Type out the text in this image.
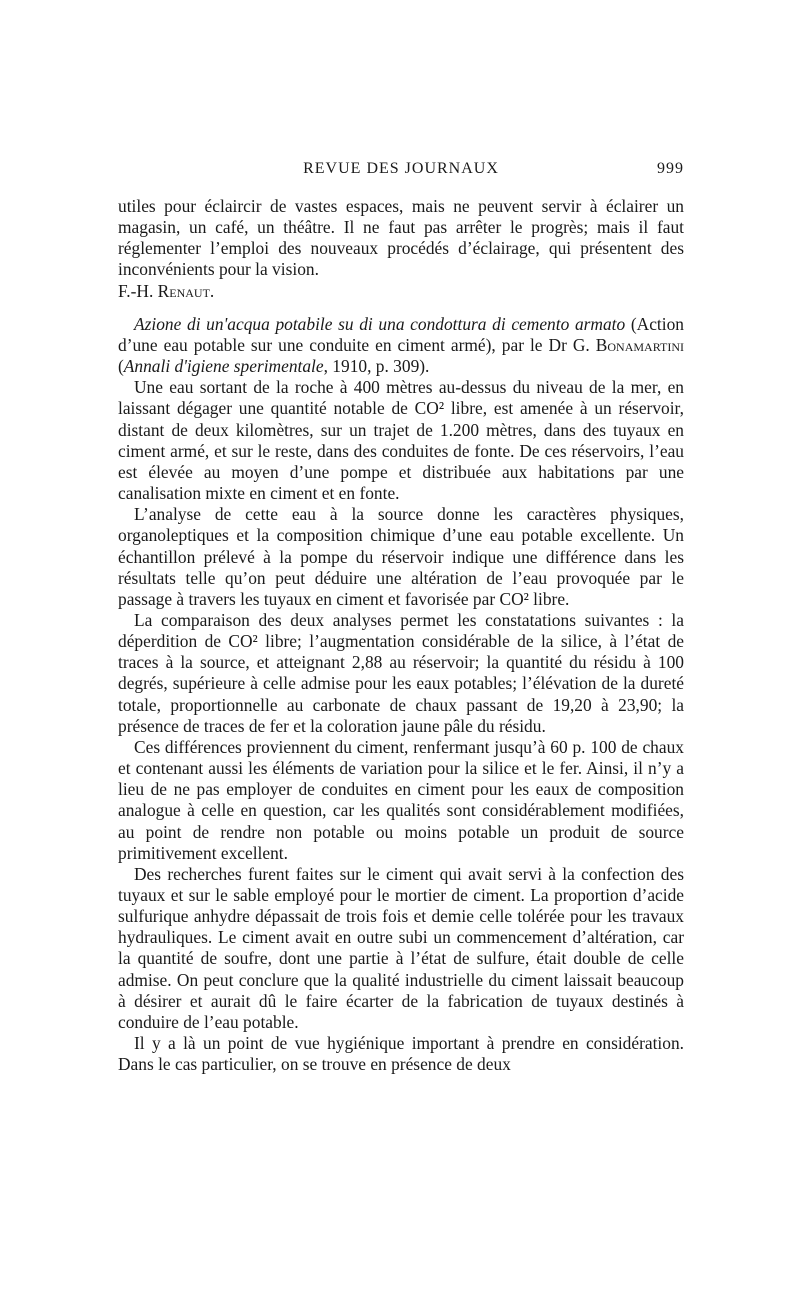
REVUE DES JOURNAUX	999

utiles pour éclaircir de vastes espaces, mais ne peuvent servir à éclairer un magasin, un café, un théâtre. Il ne faut pas arrêter le progrès; mais il faut réglementer l’emploi des nouveaux procédés d’éclairage, qui présentent des inconvénients pour la vision.

F.-H. Renaut.

Azione di un'acqua potabile su di una condottura di cemento armato (Action d’une eau potable sur une conduite en ciment armé), par le Dr G. Bonamartini (Annali d'igiene sperimentale, 1910, p. 309).

Une eau sortant de la roche à 400 mètres au-dessus du niveau de la mer, en laissant dégager une quantité notable de CO² libre, est amenée à un réservoir, distant de deux kilomètres, sur un trajet de 1.200 mètres, dans des tuyaux en ciment armé, et sur le reste, dans des conduites de fonte. De ces réservoirs, l’eau est élevée au moyen d’une pompe et distribuée aux habitations par une canalisation mixte en ciment et en fonte.

L’analyse de cette eau à la source donne les caractères physiques, organoleptiques et la composition chimique d’une eau potable excellente. Un échantillon prélevé à la pompe du réservoir indique une différence dans les résultats telle qu’on peut déduire une altération de l’eau provoquée par le passage à travers les tuyaux en ciment et favorisée par CO² libre.

La comparaison des deux analyses permet les constatations suivantes : la déperdition de CO² libre; l’augmentation considérable de la silice, à l’état de traces à la source, et atteignant 2,88 au réservoir; la quantité du résidu à 100 degrés, supérieure à celle admise pour les eaux potables; l’élévation de la dureté totale, proportionnelle au carbonate de chaux passant de 19,20 à 23,90; la présence de traces de fer et la coloration jaune pâle du résidu.

Ces différences proviennent du ciment, renfermant jusqu’à 60 p. 100 de chaux et contenant aussi les éléments de variation pour la silice et le fer. Ainsi, il n’y a lieu de ne pas employer de conduites en ciment pour les eaux de composition analogue à celle en question, car les qualités sont considérablement modifiées, au point de rendre non potable ou moins potable un produit de source primitivement excellent.

Des recherches furent faites sur le ciment qui avait servi à la confection des tuyaux et sur le sable employé pour le mortier de ciment. La proportion d’acide sulfurique anhydre dépassait de trois fois et demie celle tolérée pour les travaux hydrauliques. Le ciment avait en outre subi un commencement d’altération, car la quantité de soufre, dont une partie à l’état de sulfure, était double de celle admise. On peut conclure que la qualité industrielle du ciment laissait beaucoup à désirer et aurait dû le faire écarter de la fabrication de tuyaux destinés à conduire de l’eau potable.

Il y a là un point de vue hygiénique important à prendre en considération. Dans le cas particulier, on se trouve en présence de deux
